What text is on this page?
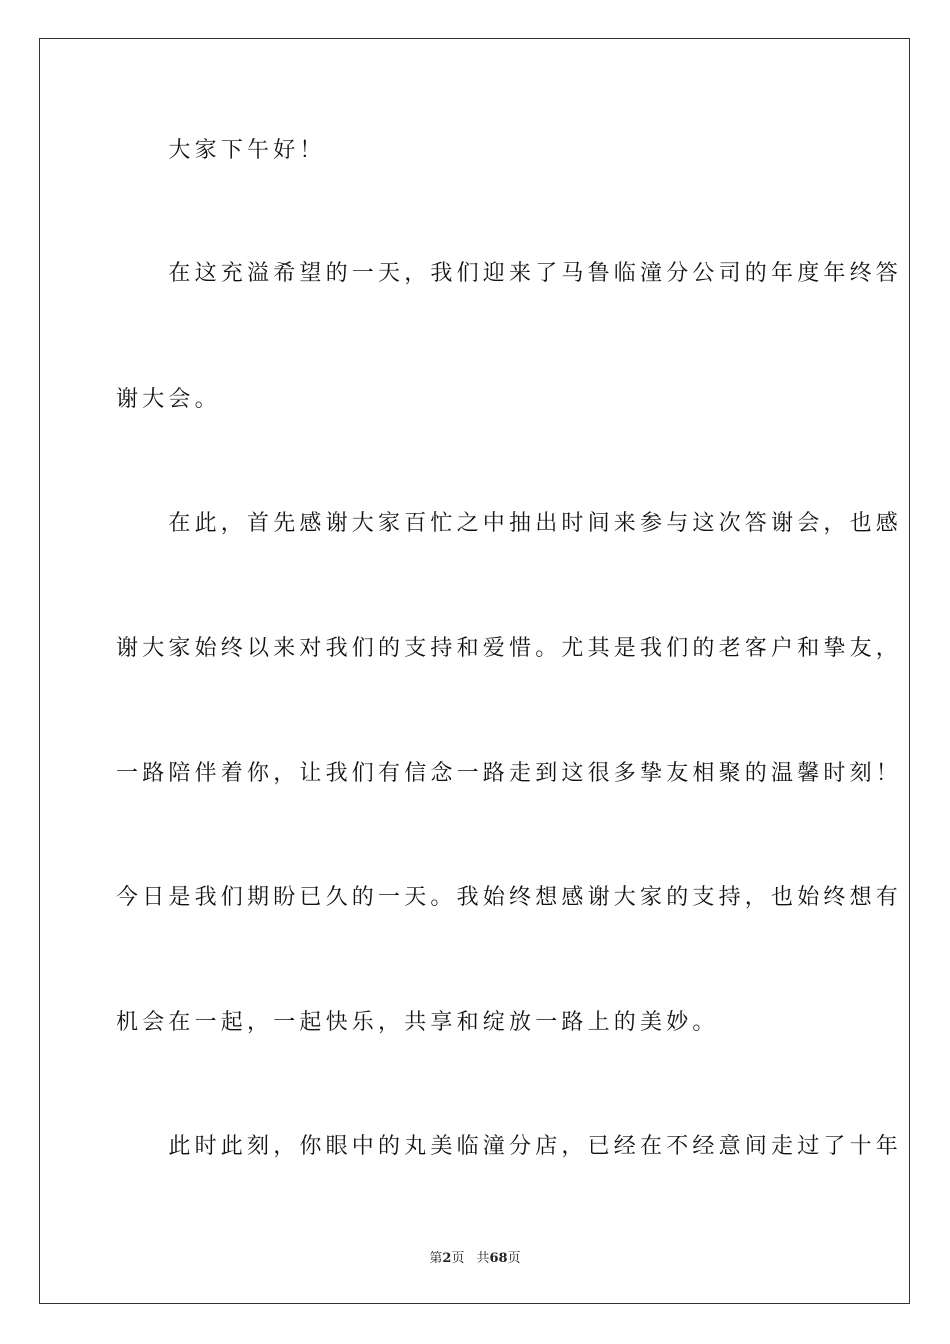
　　大家下午好！
　　在这充溢希望的一天，我们迎来了马鲁临潼分公司的年度年终答
谢大会。
　　在此，首先感谢大家百忙之中抽出时间来参与这次答谢会，也感
谢大家始终以来对我们的支持和爱惜。尤其是我们的老客户和挚友，
一路陪伴着你，让我们有信念一路走到这很多挚友相聚的温馨时刻！
今日是我们期盼已久的一天。我始终想感谢大家的支持，也始终想有
机会在一起，一起快乐，共享和绽放一路上的美妙。
　　此时此刻，你眼中的丸美临潼分店，已经在不经意间走过了十年
第2页 共68页
